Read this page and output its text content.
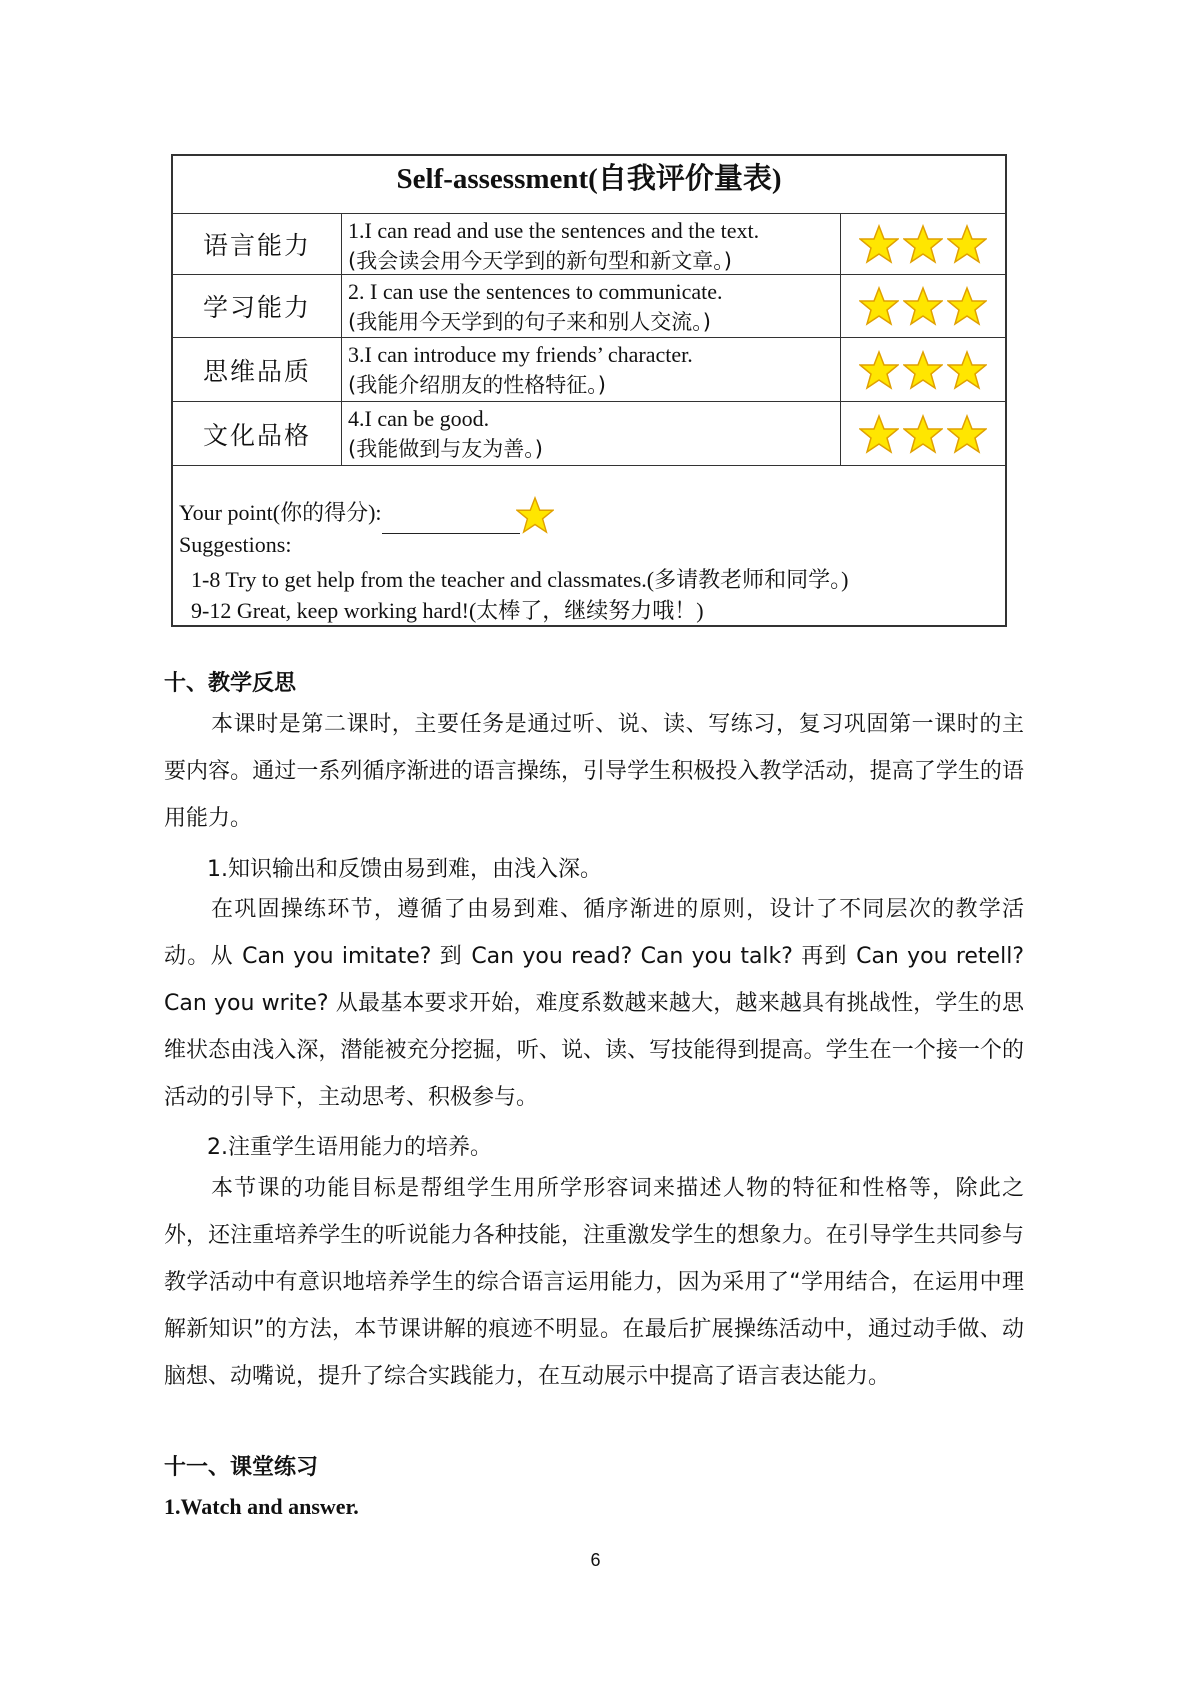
Self-assessment(自我评价量表)
语言能力
1.I can read and use the sentences and the text.
(我会读会用今天学到的新句型和新文章。)
学习能力
2. I can use the sentences to communicate.
(我能用今天学到的句子来和别人交流。)
思维品质
3.I can introduce my friends’ character.
(我能介绍朋友的性格特征。)
文化品格
4.I can be good.
(我能做到与友为善。)
Your point(你的得分):
Suggestions:
1-8 Try to get help from the teacher and classmates.(多请教老师和同学。)
9-12 Great, keep working hard!(太棒了，继续努力哦！)
十、教学反思
本课时是第二课时，主要任务是通过听、说、读、写练习，复习巩固第一课时的主要内容。通过一系列循序渐进的语言操练，引导学生积极投入教学活动，提高了学生的语用能力。
1.知识输出和反馈由易到难，由浅入深。
在巩固操练环节，遵循了由易到难、循序渐进的原则，设计了不同层次的教学活动。从 Can you imitate? 到 Can you read? Can you talk? 再到 Can you retell? Can you write? 从最基本要求开始，难度系数越来越大，越来越具有挑战性，学生的思维状态由浅入深，潜能被充分挖掘，听、说、读、写技能得到提高。学生在一个接一个的活动的引导下，主动思考、积极参与。
2.注重学生语用能力的培养。
本节课的功能目标是帮组学生用所学形容词来描述人物的特征和性格等，除此之外，还注重培养学生的听说能力各种技能，注重激发学生的想象力。在引导学生共同参与教学活动中有意识地培养学生的综合语言运用能力，因为采用了“学用结合，在运用中理解新知识”的方法，本节课讲解的痕迹不明显。在最后扩展操练活动中，通过动手做、动脑想、动嘴说，提升了综合实践能力，在互动展示中提高了语言表达能力。
十一、课堂练习
1.Watch and answer.
6
